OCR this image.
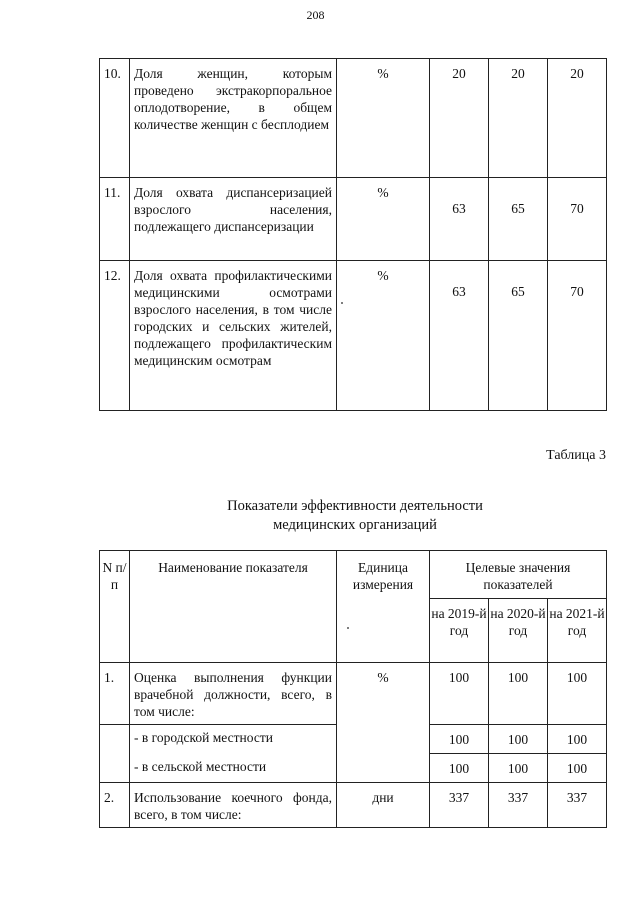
208
10.	Доля женщин, которым проведено экстракорпоральное оплодотворение, в общем количестве женщин с бесплодием	%	20	20	20
11.	Доля охвата диспансеризацией взрослого населения, подлежащего диспансеризации	%	63	65	70
12.	Доля охвата профилактическими медицинскими осмотрами взрослого населения, в том числе городских и сельских жителей, подлежащего профилактическим медицинским осмотрам	%	63	65	70
Таблица 3
Показатели эффективности деятельности
медицинских организаций
N п/п	Наименование показателя	Единица измерения	Целевые значения показателей		
			на 2019-й год	на 2020-й год	на 2021-й год
1.	Оценка выполнения функции врачебной должности, всего, в том числе:	%	100	100	100
	- в городской местности		100	100	100
	- в сельской местности		100	100	100
2.	Использование коечного фонда, всего, в том числе:	дни	337	337	337
